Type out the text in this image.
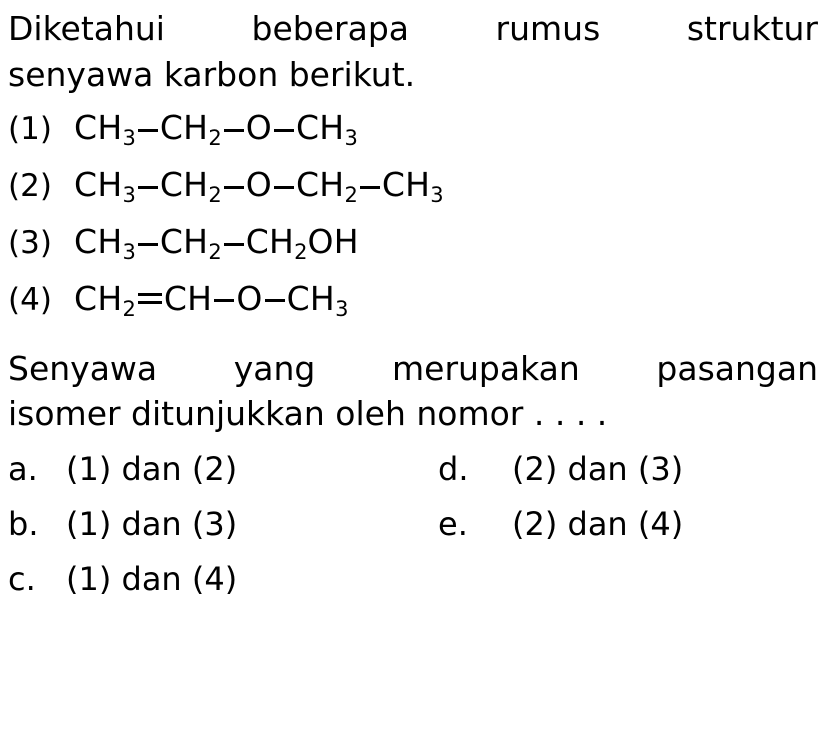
Diketahui beberapa rumus struktur
senyawa karbon berikut.
(1) $CH_3$ $CH_2$ O $CH_3$
(2) $CH_3$ $CH_2$ O $CH_2$ $CH_3$
(3) $CH_3$ $CH_2$ $CH_2OH$
(4) $CH_2$ CH O $CH_3$
Senyawa yang merupakan pasangan
isomer ditunjukkan oleh nomor . . . .
a. (1) dan (2)	d.	(2) dan (3)
b. (1) dan (3)	e.	(2) dan (4)
c. (1) dan (4)
